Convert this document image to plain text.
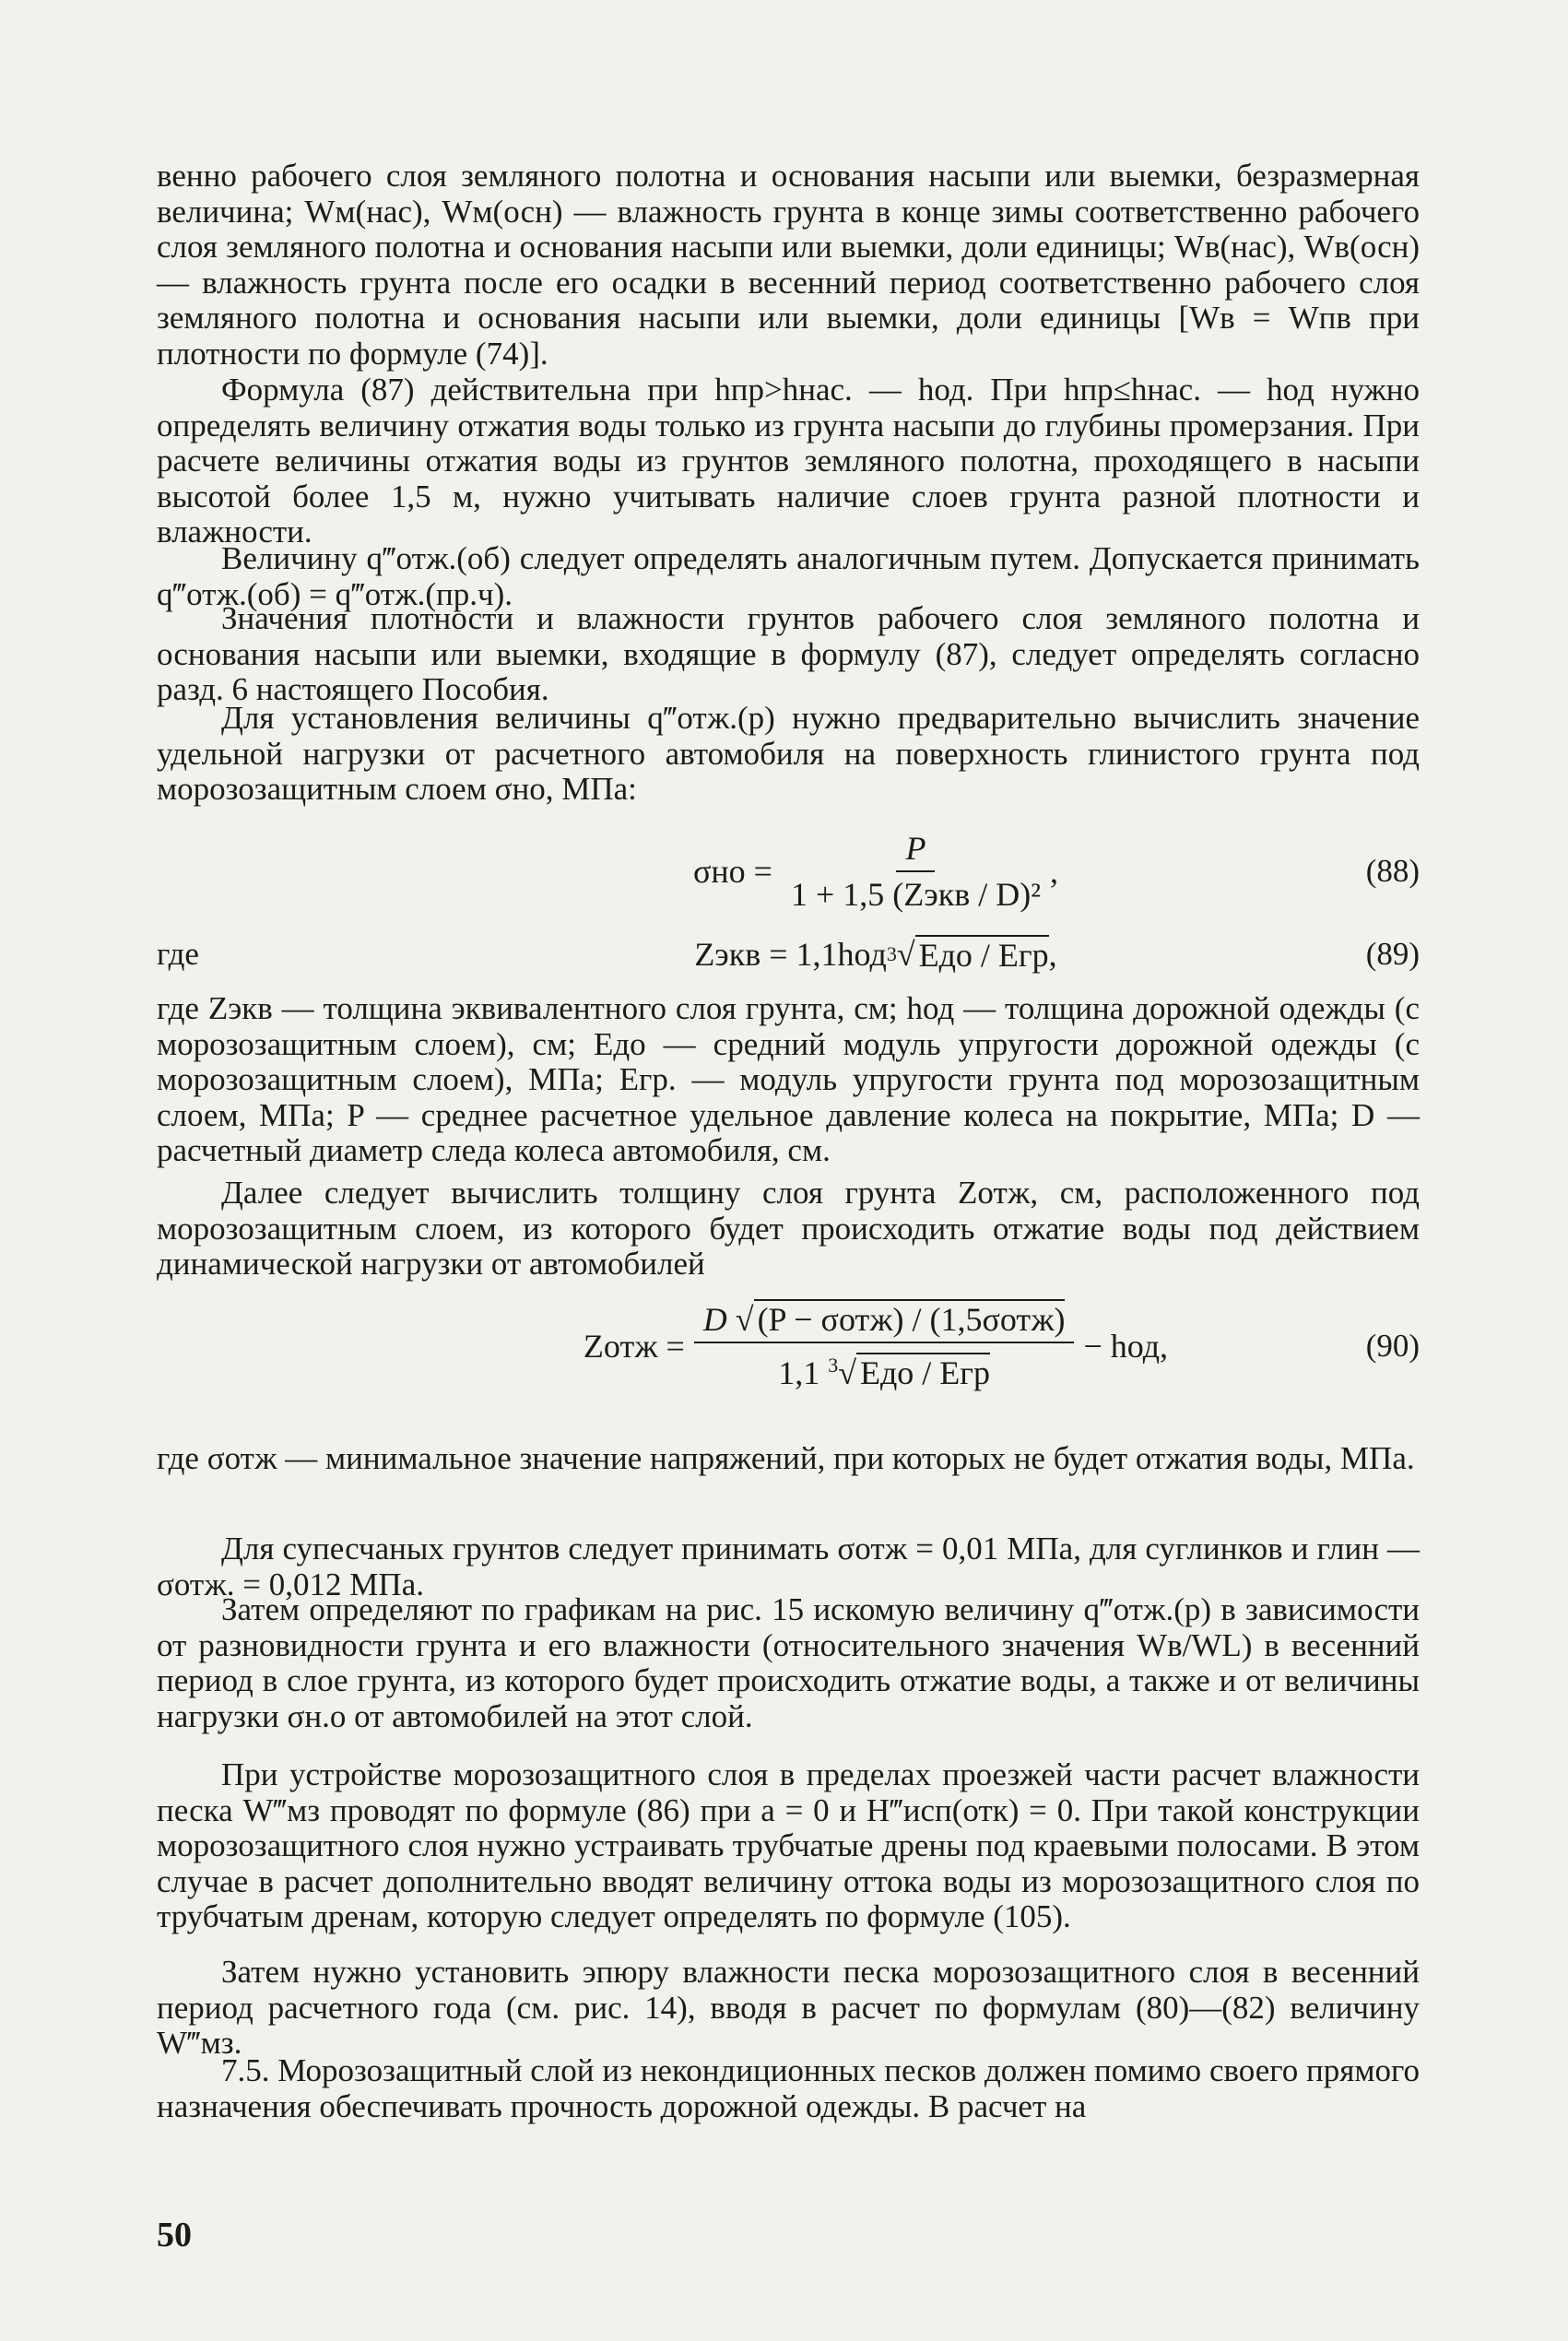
венно рабочего слоя земляного полотна и основания насыпи или выемки, безразмерная величина; Wм(нас), Wм(осн) — влажность грунта в конце зимы соответственно рабочего слоя земляного полотна и основания насыпи или выемки, доли единицы; Wв(нас), Wв(осн) — влажность грунта после его осадки в весенний период соответственно рабочего слоя земляного полотна и основания насыпи или выемки, доли единицы [Wв = Wпв при плотности по формуле (74)].

Формула (87) действительна при hпр>hнас. — hод. При hпр≤hнас. — hод нужно определять величину отжатия воды только из грунта насыпи до глубины промерзания. При расчете величины отжатия воды из грунтов земляного полотна, проходящего в насыпи высотой более 1,5 м, нужно учитывать наличие слоев грунта разной плотности и влажности.

Величину q‴отж.(об) следует определять аналогичным путем. Допускается принимать q‴отж.(об) = q‴отж.(пр.ч).

Значения плотности и влажности грунтов рабочего слоя земляного полотна и основания насыпи или выемки, входящие в формулу (87), следует определять согласно разд. 6 настоящего Пособия.

Для установления величины q‴отж.(р) нужно предварительно вычислить значение удельной нагрузки от расчетного автомобиля на поверхность глинистого грунта под морозозащитным слоем σно, МПа:

$\sigma но = \frac{P}{\text{1 + 1,5 (Zэкв / D)²}}$ ,	(88)
где	Zэкв = 1,1hод 3 √ Eдо / Eгр ,	(89)

где Zэкв — толщина эквивалентного слоя грунта, см; hод — толщина дорожной одежды (с морозозащитным слоем), см; Eдо — средний модуль упругости дорожной одежды (с морозозащитным слоем), МПа; Eгр. — модуль упругости грунта под морозозащитным слоем, МПа; P — среднее расчетное удельное давление колеса на покрытие, МПа; D — расчетный диаметр следа колеса автомобиля, см.

Далее следует вычислить толщину слоя грунта Zотж, см, расположенного под морозозащитным слоем, из которого будет происходить отжатие воды под действием динамической нагрузки от автомобилей

Zотж = $\frac{\text{D √ (P − σотж) / (1,5σотж)}}{1,1 ^3√ Eдо / Eгр}$ − hод,	(90)

где σотж — минимальное значение напряжений, при которых не будет отжатия воды, МПа.

Для супесчаных грунтов следует принимать σотж = 0,01 МПа, для суглинков и глин — σотж. = 0,012 МПа.

Затем определяют по графикам на рис. 15 искомую величину q‴отж.(р) в зависимости от разновидности грунта и его влажности (относительного значения Wв/WL) в весенний период в слое грунта, из которого будет происходить отжатие воды, а также и от величины нагрузки σн.о от автомобилей на этот слой.

При устройстве морозозащитного слоя в пределах проезжей части расчет влажности песка W‴мз проводят по формуле (86) при a = 0 и H‴исп(отк) = 0. При такой конструкции морозозащитного слоя нужно устраивать трубчатые дрены под краевыми полосами. В этом случае в расчет дополнительно вводят величину оттока воды из морозозащитного слоя по трубчатым дренам, которую следует определять по формуле (105).

Затем нужно установить эпюру влажности песка морозозащитного слоя в весенний период расчетного года (см. рис. 14), вводя в расчет по формулам (80)—(82) величину W‴мз.

7.5. Морозозащитный слой из некондиционных песков должен помимо своего прямого назначения обеспечивать прочность дорожной одежды. В расчет на

50
